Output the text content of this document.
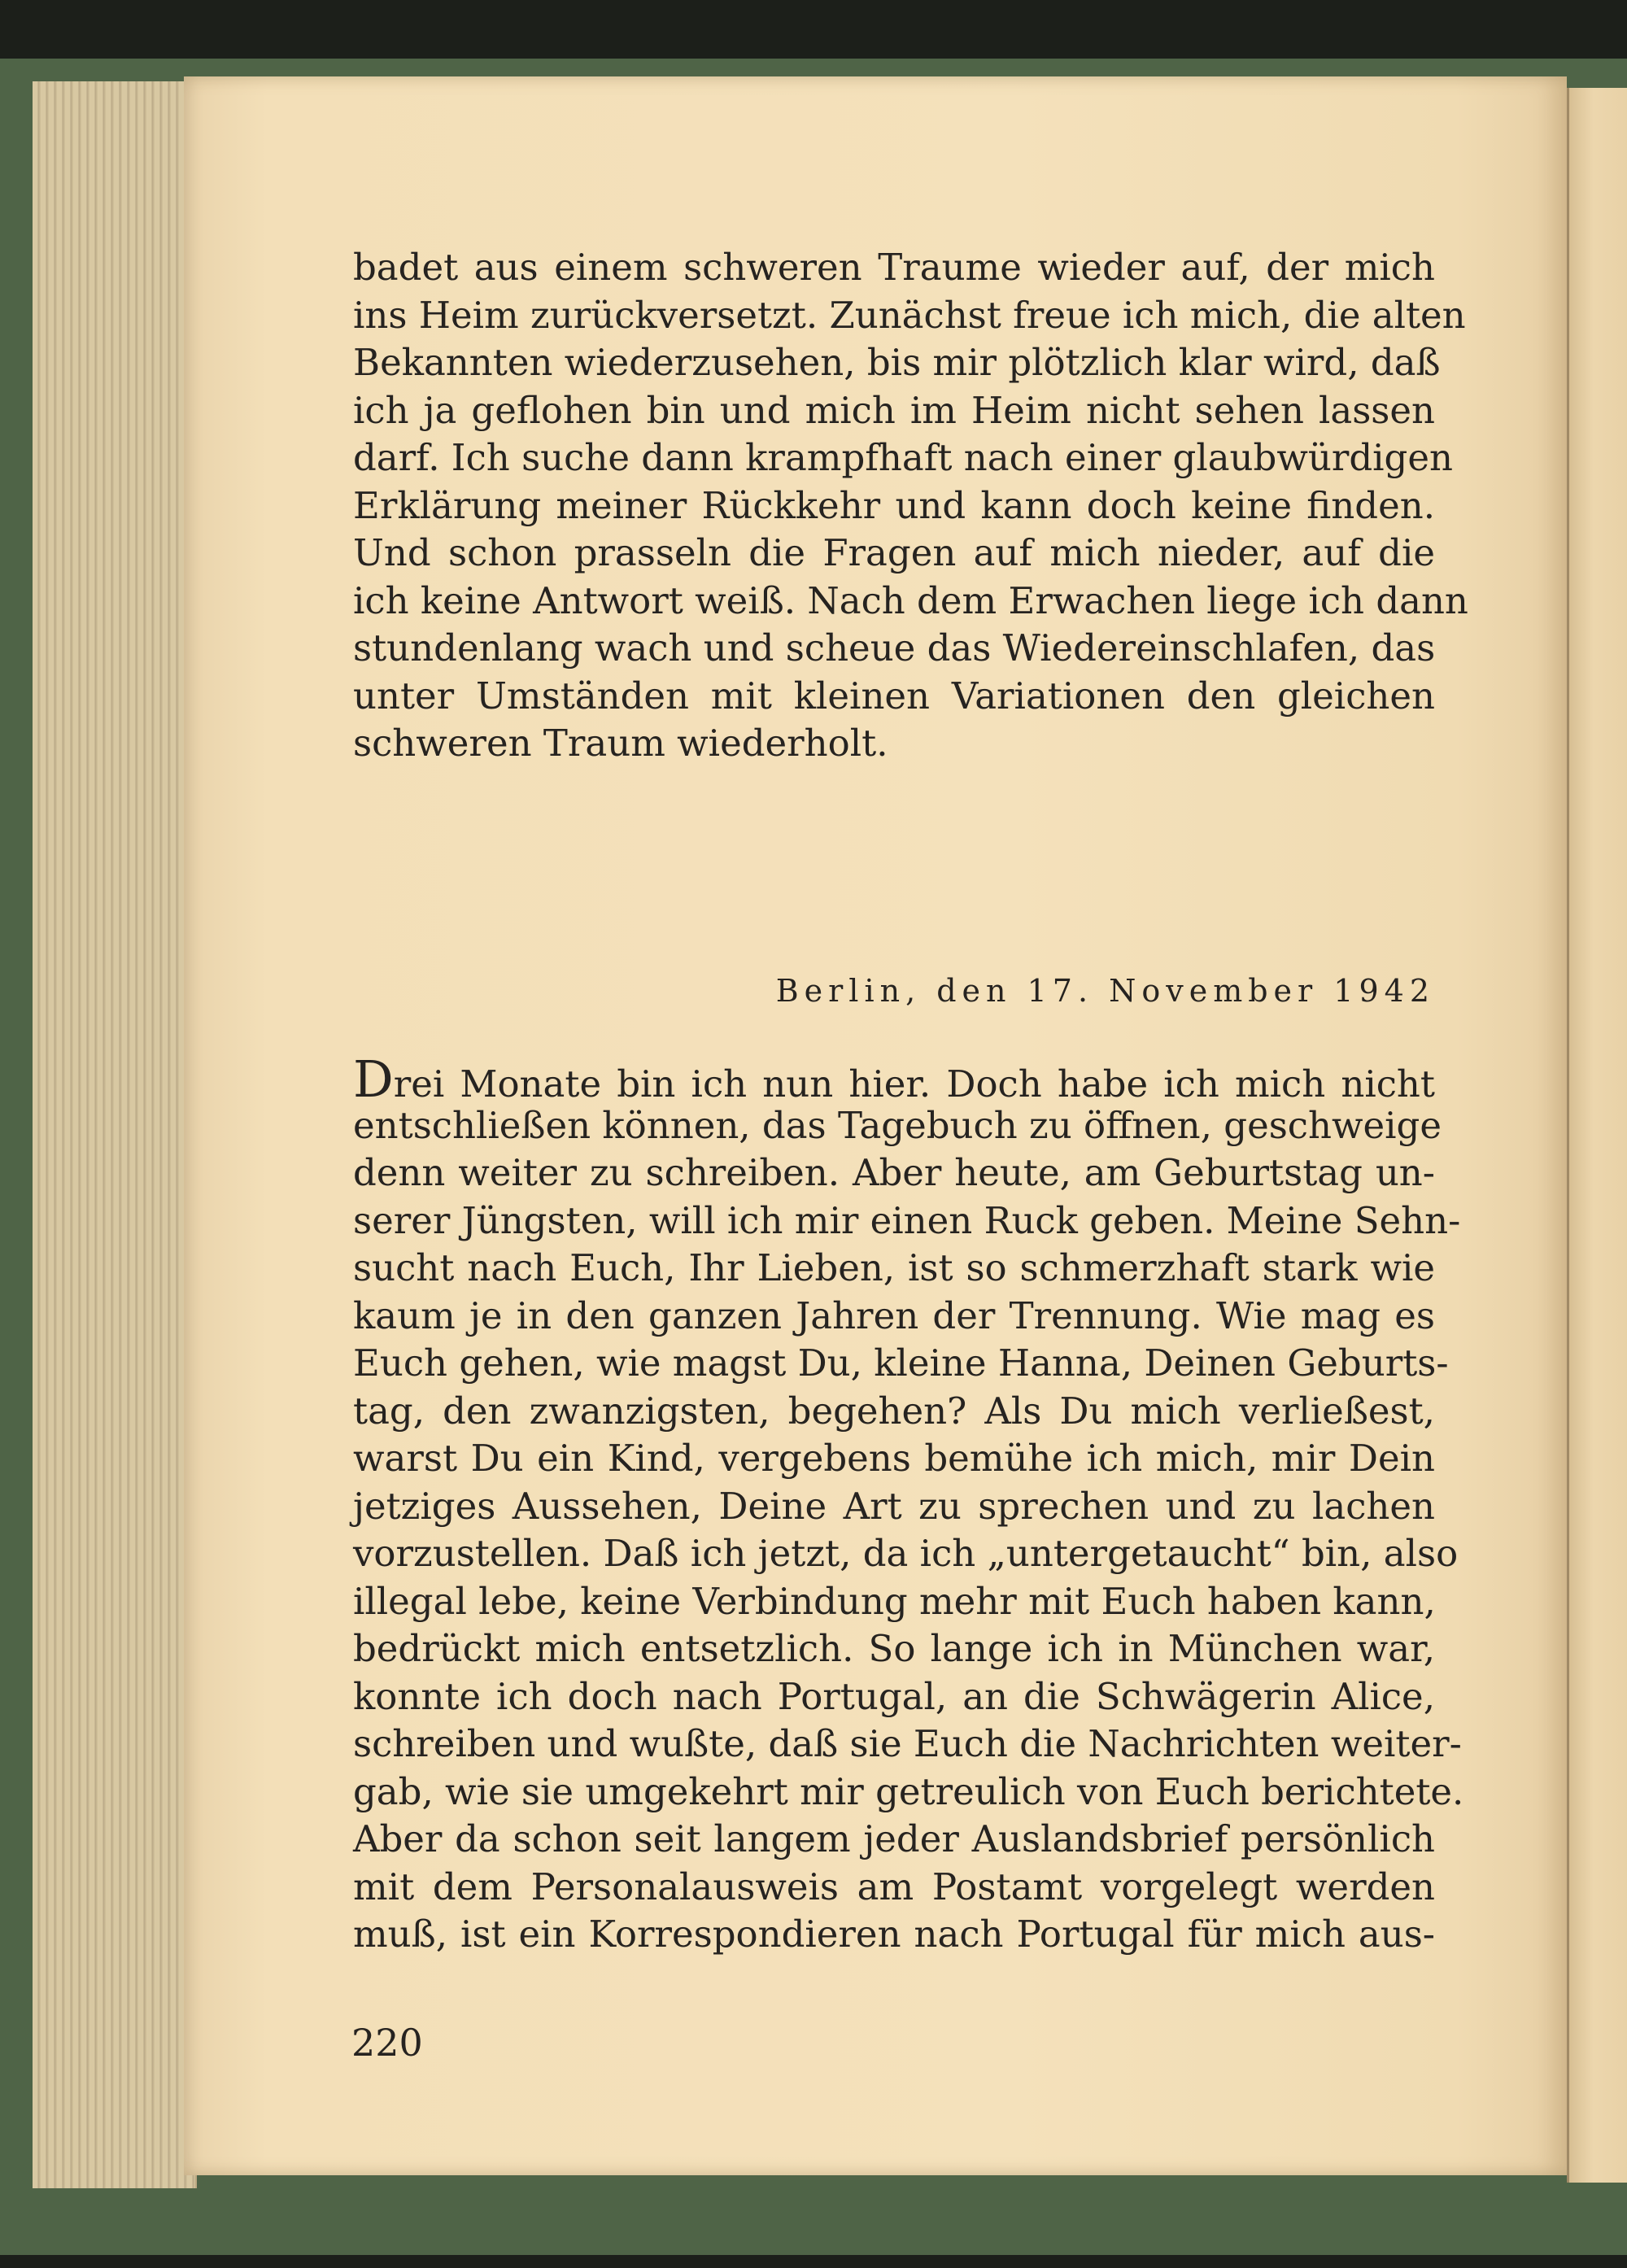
badet aus einem schweren Traume wieder auf, der mich
ins Heim zurückversetzt. Zunächst freue ich mich, die alten
Bekannten wiederzusehen, bis mir plötzlich klar wird, daß
ich ja geflohen bin und mich im Heim nicht sehen lassen
darf. Ich suche dann krampfhaft nach einer glaubwürdigen
Erklärung meiner Rückkehr und kann doch keine finden.
Und schon prasseln die Fragen auf mich nieder, auf die
ich keine Antwort weiß. Nach dem Erwachen liege ich dann
stundenlang wach und scheue das Wiedereinschlafen, das
unter Umständen mit kleinen Variationen den gleichen
schweren Traum wiederholt.
Berlin, den 17. November 1942
Drei Monate bin ich nun hier. Doch habe ich mich nicht
entschließen können, das Tagebuch zu öffnen, geschweige
denn weiter zu schreiben. Aber heute, am Geburtstag un-
serer Jüngsten, will ich mir einen Ruck geben. Meine Sehn-
sucht nach Euch, Ihr Lieben, ist so schmerzhaft stark wie
kaum je in den ganzen Jahren der Trennung. Wie mag es
Euch gehen, wie magst Du, kleine Hanna, Deinen Geburts-
tag, den zwanzigsten, begehen? Als Du mich verließest,
warst Du ein Kind, vergebens bemühe ich mich, mir Dein
jetziges Aussehen, Deine Art zu sprechen und zu lachen
vorzustellen. Daß ich jetzt, da ich „untergetaucht“ bin, also
illegal lebe, keine Verbindung mehr mit Euch haben kann,
bedrückt mich entsetzlich. So lange ich in München war,
konnte ich doch nach Portugal, an die Schwägerin Alice,
schreiben und wußte, daß sie Euch die Nachrichten weiter-
gab, wie sie umgekehrt mir getreulich von Euch berichtete.
Aber da schon seit langem jeder Auslandsbrief persönlich
mit dem Personalausweis am Postamt vorgelegt werden
muß, ist ein Korrespondieren nach Portugal für mich aus-
220
